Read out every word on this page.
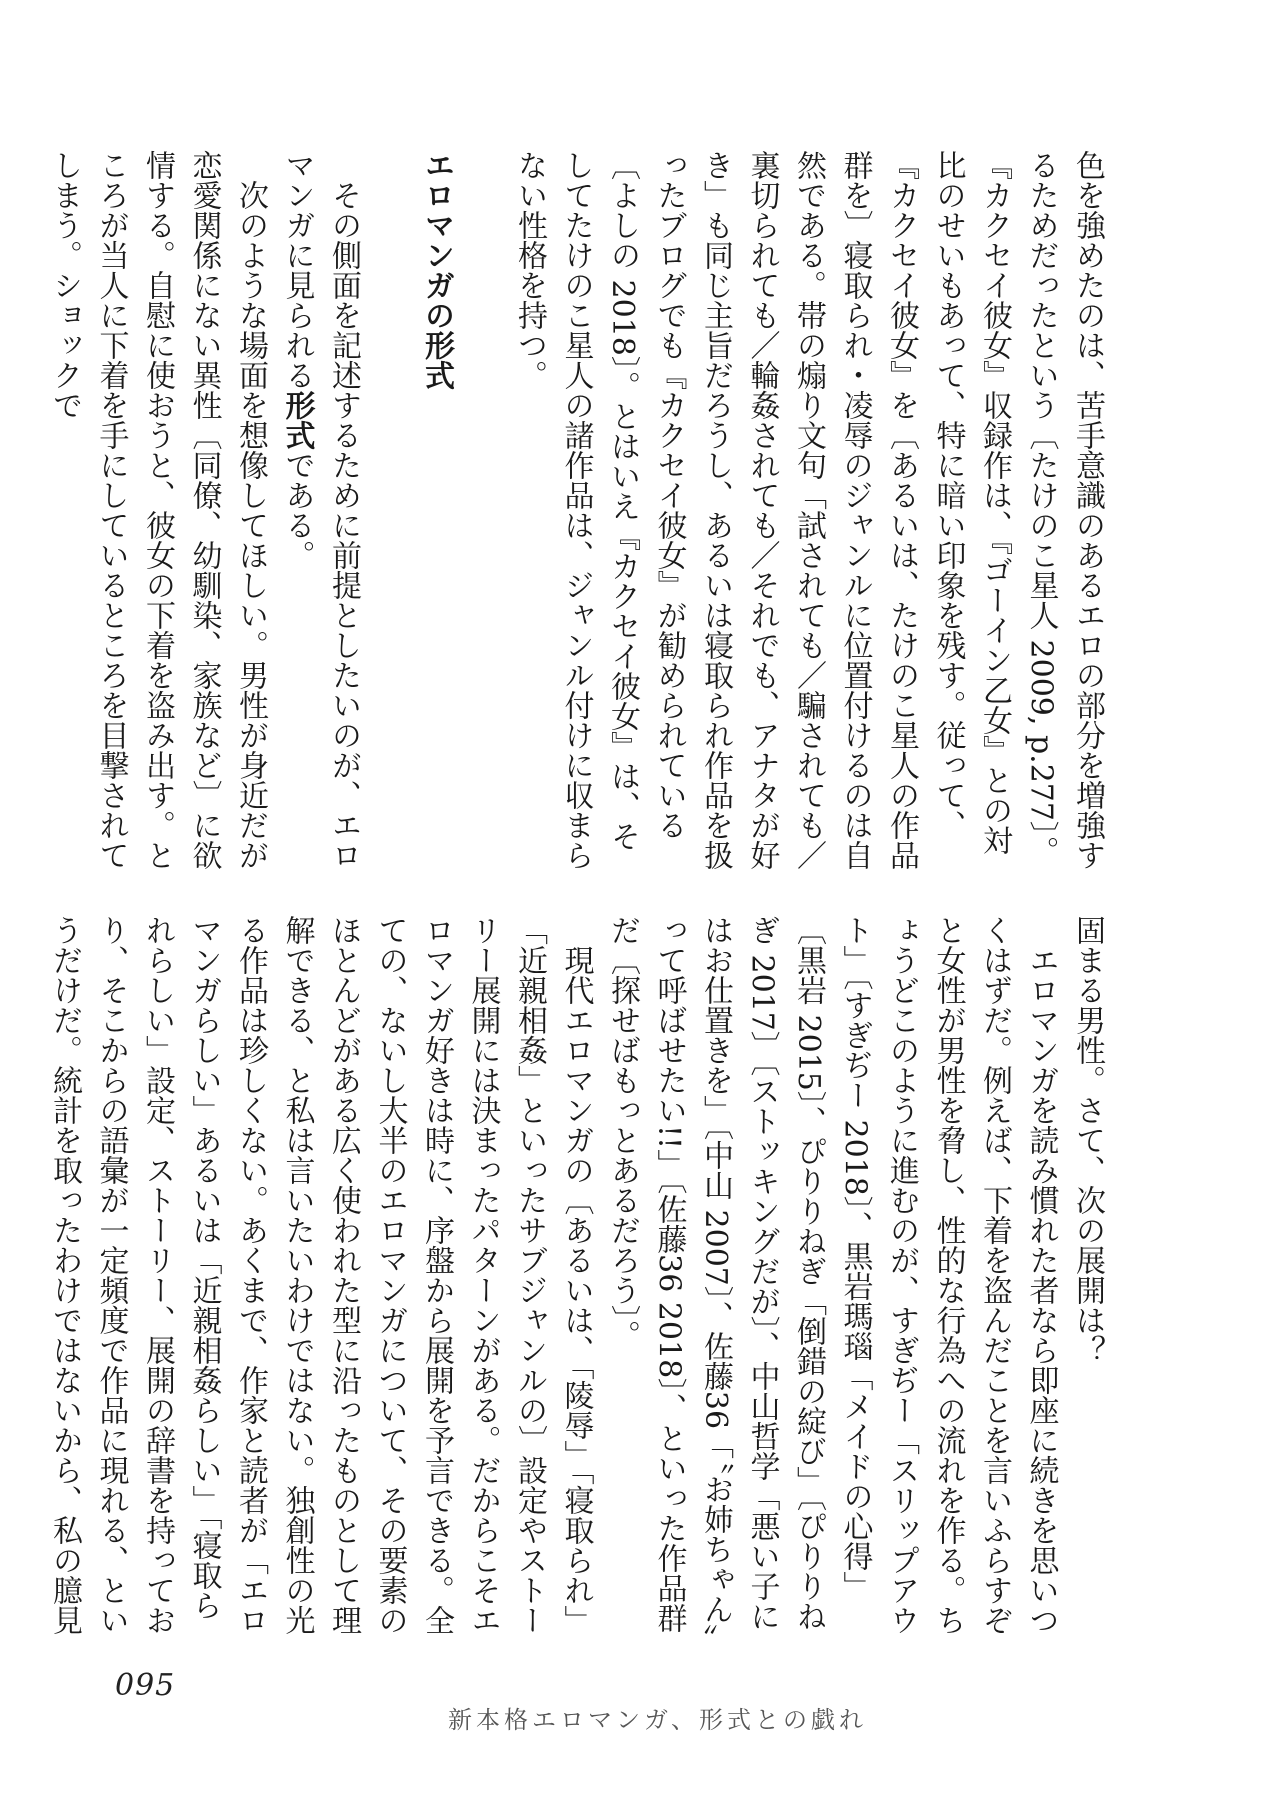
色を強めたのは、苦手意識のあるエロの部分を増強するためだったという〔たけのこ星人 2009, p.277〕。『カクセイ彼女』収録作は、『ゴーイン乙女』との対比のせいもあって、特に暗い印象を残す。従って、『カクセイ彼女』を〔あるいは、たけのこ星人の作品群を〕寝取られ・凌辱のジャンルに位置付けるのは自然である。帯の煽り文句「試されても／騙されても／裏切られても／輪姦されても／それでも、アナタが好き」も同じ主旨だろうし、あるいは寝取られ作品を扱ったブログでも『カクセイ彼女』が勧められている〔よしの 2018〕。とはいえ『カクセイ彼女』は、そしてたけのこ星人の諸作品は、ジャンル付けに収まらない性格を持つ。

エロマンガの形式

その側面を記述するために前提としたいのが、エロマンガに見られる形式である。

次のような場面を想像してほしい。男性が身近だが恋愛関係にない異性〔同僚、幼馴染、家族など〕に欲情する。自慰に使おうと、彼女の下着を盗み出す。ところが当人に下着を手にしているところを目撃されてしまう。ショックで

固まる男性。さて、次の展開は？

エロマンガを読み慣れた者なら即座に続きを思いつくはずだ。例えば、下着を盗んだことを言いふらすぞと女性が男性を脅し、性的な行為への流れを作る。ちょうどこのように進むのが、すぎぢー「スリップアウト」〔すぎぢー 2018〕、黒岩瑪瑙「メイドの心得」〔黒岩 2015〕、ぴりりねぎ「倒錯の綻び」〔ぴりりねぎ 2017〕〔ストッキングだが〕、中山哲学「悪い子にはお仕置きを」〔中山 2007〕、佐藤36「〝お姉ちゃん〟って呼ばせたい!!」〔佐藤36 2018〕、といった作品群だ〔探せばもっとあるだろう〕。

現代エロマンガの〔あるいは、「陵辱」「寝取られ」「近親相姦」といったサブジャンルの〕設定やストーリー展開には決まったパターンがある。だからこそエロマンガ好きは時に、序盤から展開を予言できる。全ての、ないし大半のエロマンガについて、その要素のほとんどがある広く使われた型に沿ったものとして理解できる、と私は言いたいわけではない。独創性の光る作品は珍しくない。あくまで、作家と読者が「エロマンガらしい」あるいは「近親相姦らしい」「寝取られらしい」設定、ストーリー、展開の辞書を持っており、そこからの語彙が一定頻度で作品に現れる、というだけだ。統計を取ったわけではないから、私の臆見

095
新本格エロマンガ、形式との戯れ
